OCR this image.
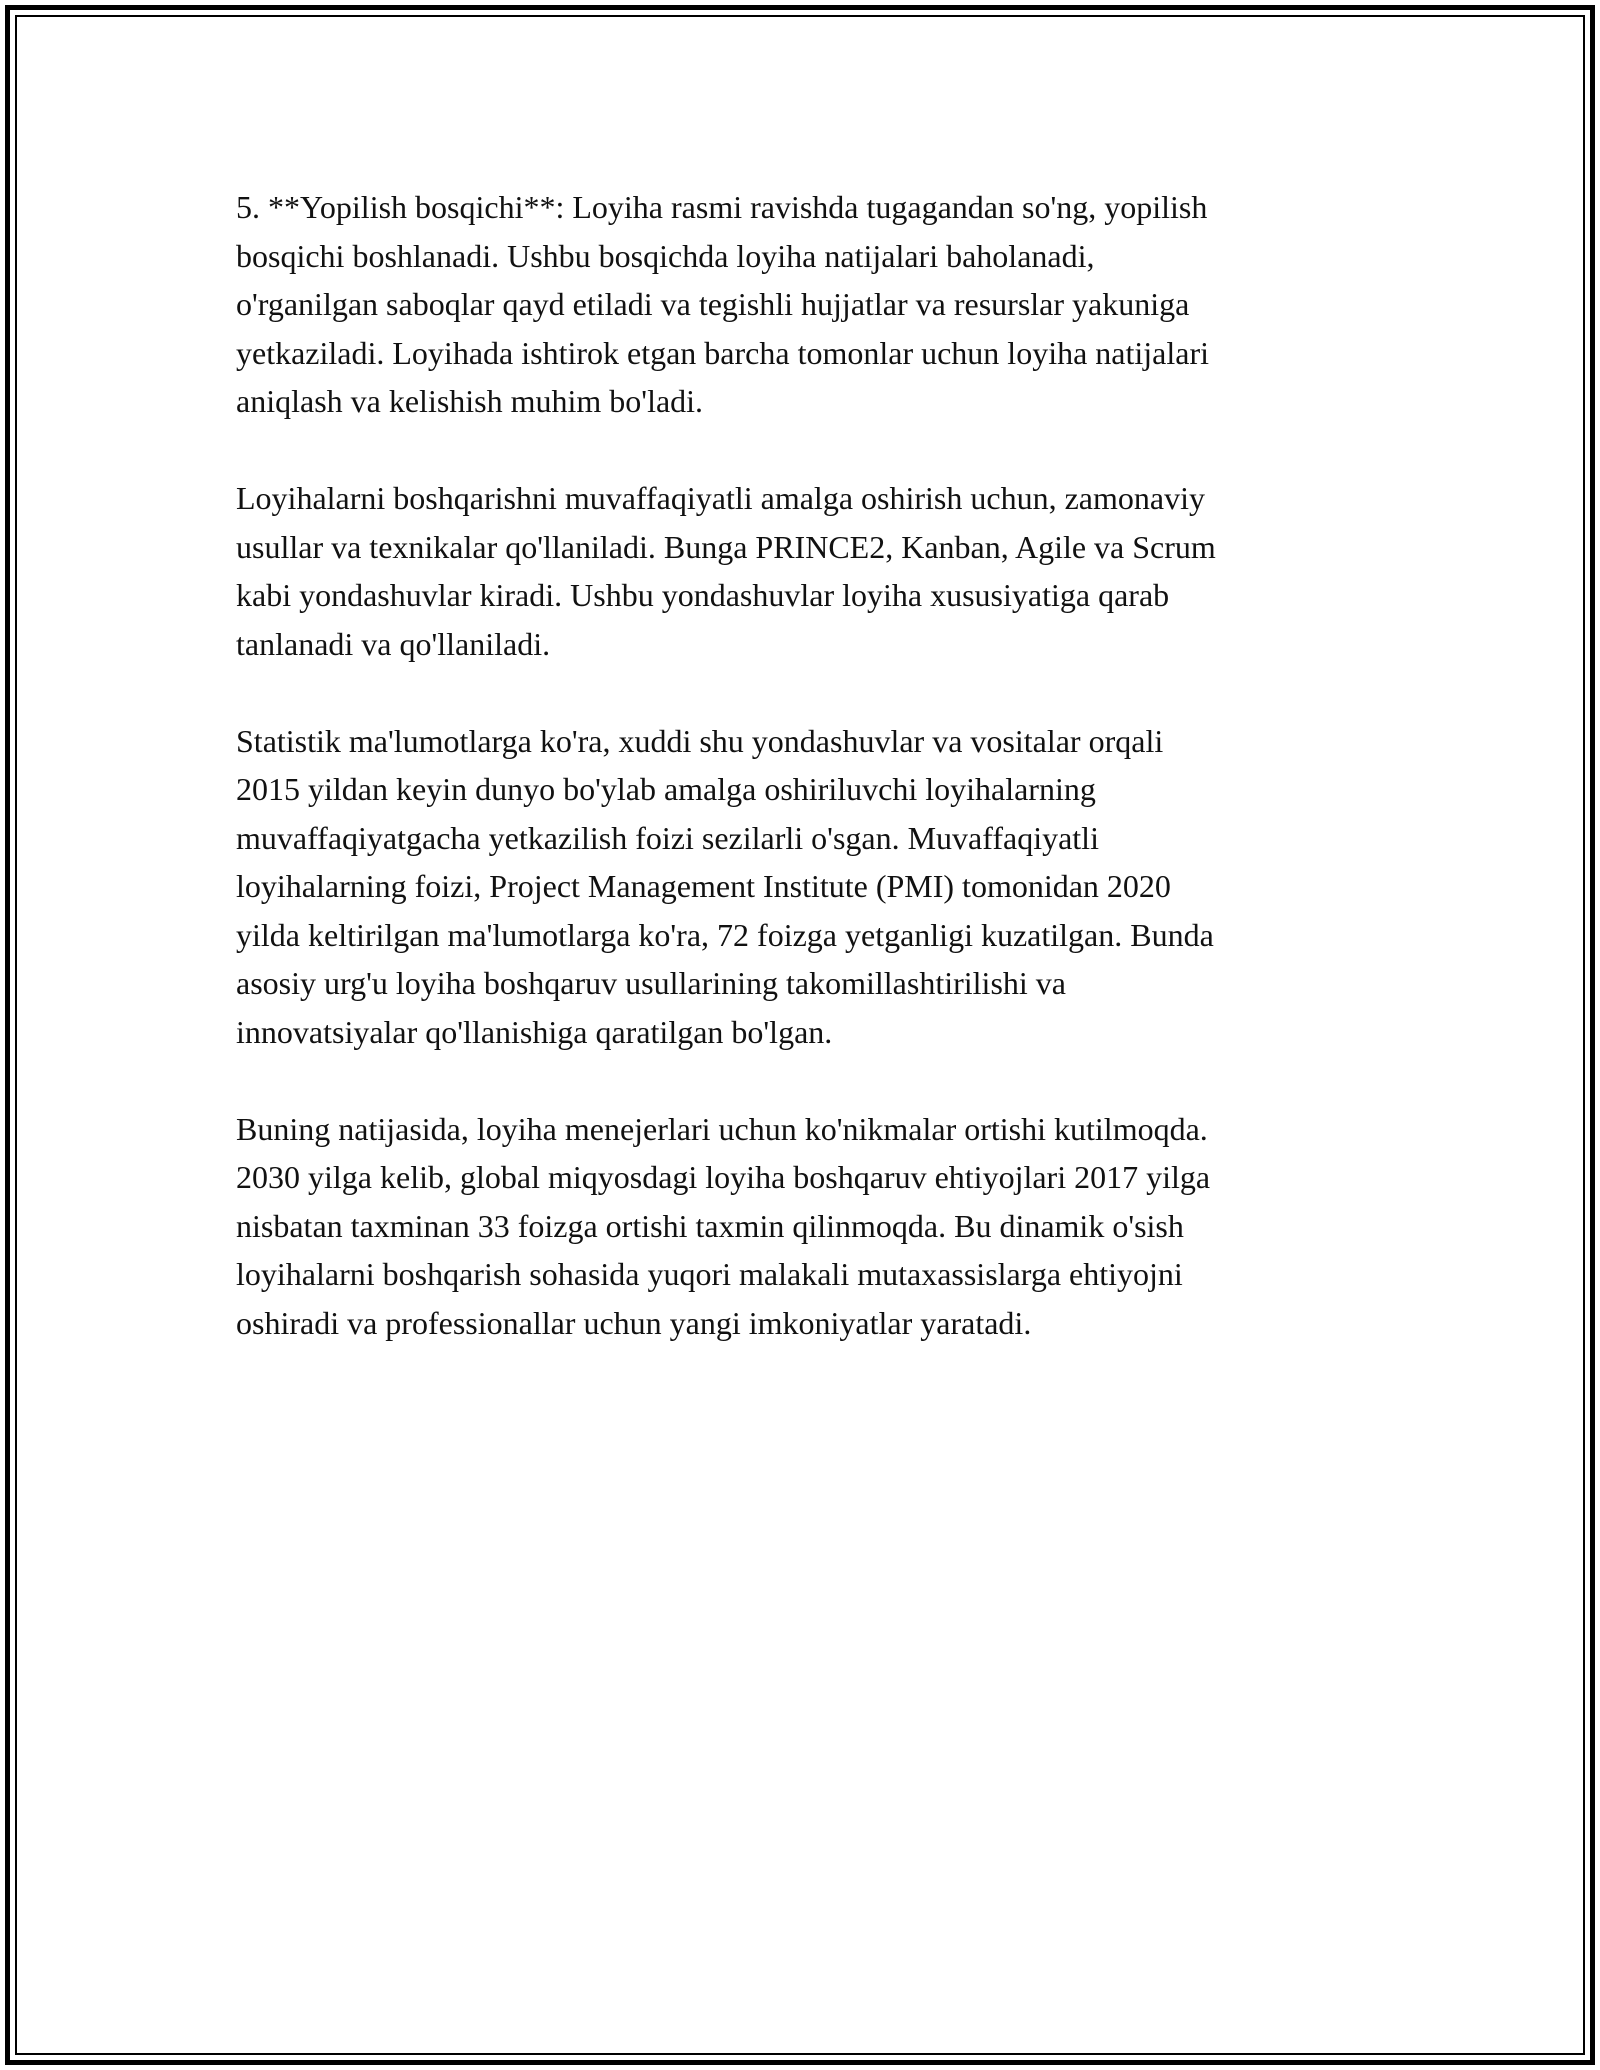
5. **Yopilish bosqichi**: Loyiha rasmi ravishda tugagandan so'ng, yopilish
bosqichi boshlanadi. Ushbu bosqichda loyiha natijalari baholanadi,
o'rganilgan saboqlar qayd etiladi va tegishli hujjatlar va resurslar yakuniga
yetkaziladi. Loyihada ishtirok etgan barcha tomonlar uchun loyiha natijalari
aniqlash va kelishish muhim bo'ladi.

Loyihalarni boshqarishni muvaffaqiyatli amalga oshirish uchun, zamonaviy
usullar va texnikalar qo'llaniladi. Bunga PRINCE2, Kanban, Agile va Scrum
kabi yondashuvlar kiradi. Ushbu yondashuvlar loyiha xususiyatiga qarab
tanlanadi va qo'llaniladi.

Statistik ma'lumotlarga ko'ra, xuddi shu yondashuvlar va vositalar orqali
2015 yildan keyin dunyo bo'ylab amalga oshiriluvchi loyihalarning
muvaffaqiyatgacha yetkazilish foizi sezilarli o'sgan. Muvaffaqiyatli
loyihalarning foizi, Project Management Institute (PMI) tomonidan 2020
yilda keltirilgan ma'lumotlarga ko'ra, 72 foizga yetganligi kuzatilgan. Bunda
asosiy urg'u loyiha boshqaruv usullarining takomillashtirilishi va
innovatsiyalar qo'llanishiga qaratilgan bo'lgan.

Buning natijasida, loyiha menejerlari uchun ko'nikmalar ortishi kutilmoqda.
2030 yilga kelib, global miqyosdagi loyiha boshqaruv ehtiyojlari 2017 yilga
nisbatan taxminan 33 foizga ortishi taxmin qilinmoqda. Bu dinamik o'sish
loyihalarni boshqarish sohasida yuqori malakali mutaxassislarga ehtiyojni
oshiradi va professionallar uchun yangi imkoniyatlar yaratadi.
